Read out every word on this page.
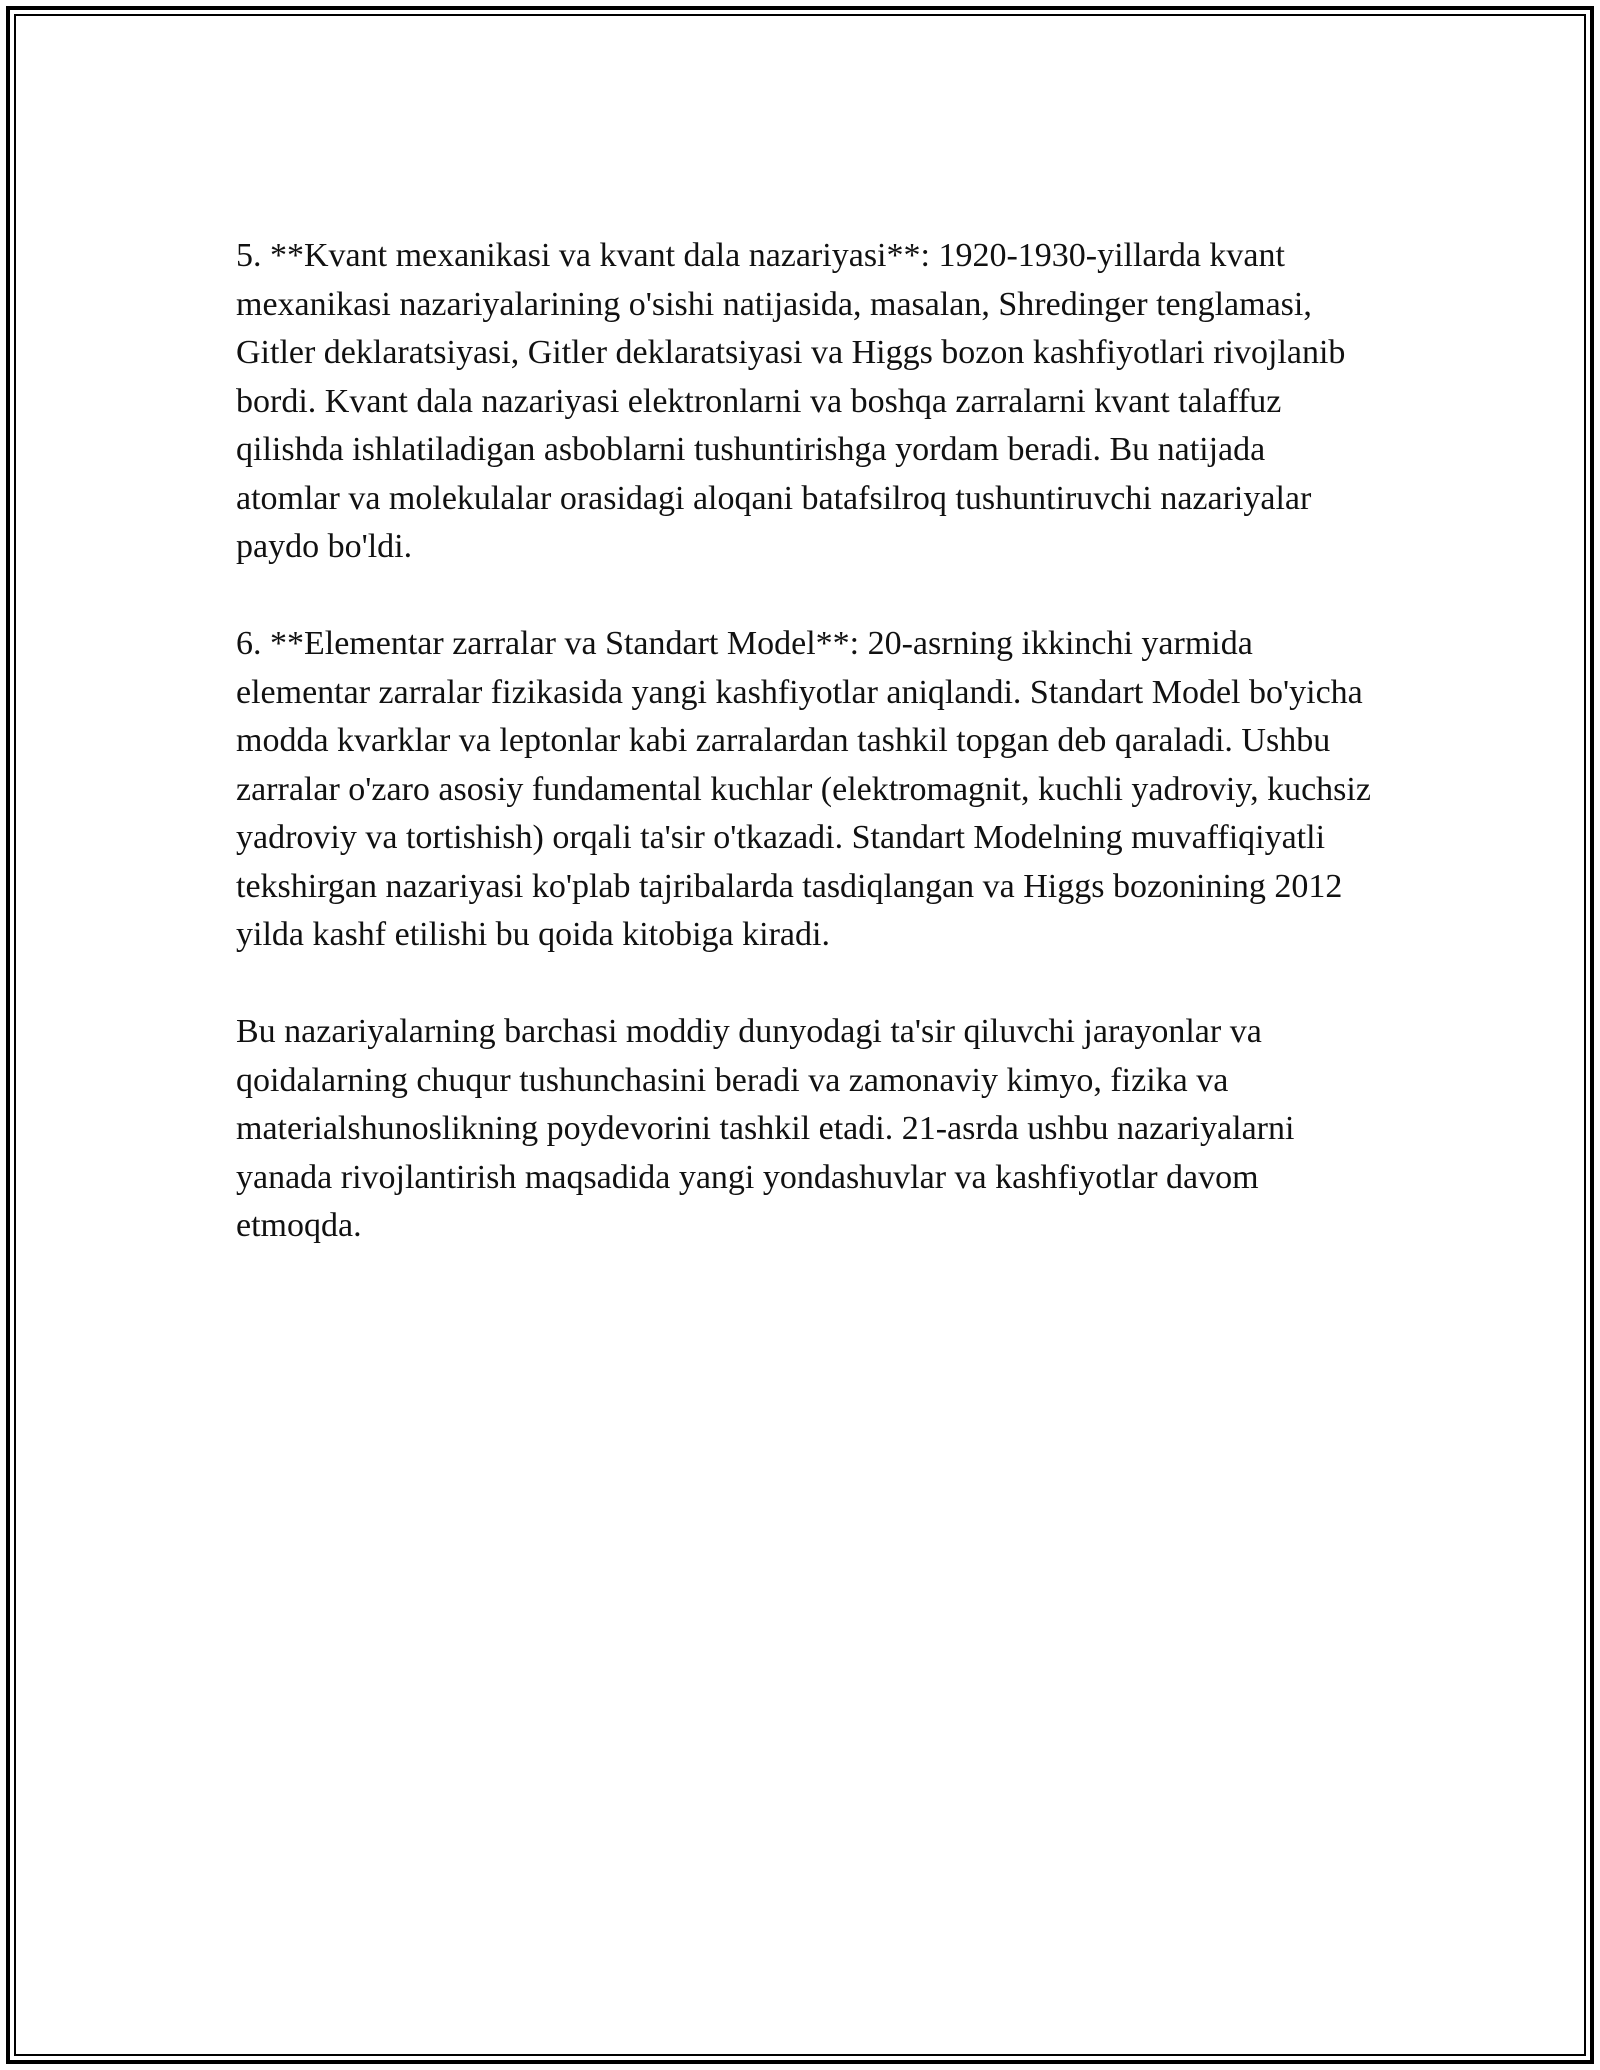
5. **Kvant mexanikasi va kvant dala nazariyasi**: 1920-1930-yillarda kvant mexanikasi nazariyalarining o'sishi natijasida, masalan, Shredinger tenglamasi, Gitler deklaratsiyasi, Gitler deklaratsiyasi va Higgs bozon kashfiyotlari rivojlanib bordi. Kvant dala nazariyasi elektronlarni va boshqa zarralarni kvant talaffuz qilishda ishlatiladigan asboblarni tushuntirishga yordam beradi. Bu natijada atomlar va molekulalar orasidagi aloqani batafsilroq tushuntiruvchi nazariyalar paydo bo'ldi.

6. **Elementar zarralar va Standart Model**: 20-asrning ikkinchi yarmida elementar zarralar fizikasida yangi kashfiyotlar aniqlandi. Standart Model bo'yicha modda kvarklar va leptonlar kabi zarralardan tashkil topgan deb qaraladi. Ushbu zarralar o'zaro asosiy fundamental kuchlar (elektromagnit, kuchli yadroviy, kuchsiz yadroviy va tortishish) orqali ta'sir o'tkazadi. Standart Modelning muvaffiqiyatli tekshirgan nazariyasi ko'plab tajribalarda tasdiqlangan va Higgs bozonining 2012 yilda kashf etilishi bu qoida kitobiga kiradi.

Bu nazariyalarning barchasi moddiy dunyodagi ta'sir qiluvchi jarayonlar va qoidalarning chuqur tushunchasini beradi va zamonaviy kimyo, fizika va materialshunoslikning poydevorini tashkil etadi. 21-asrda ushbu nazariyalarni yanada rivojlantirish maqsadida yangi yondashuvlar va kashfiyotlar davom etmoqda.
